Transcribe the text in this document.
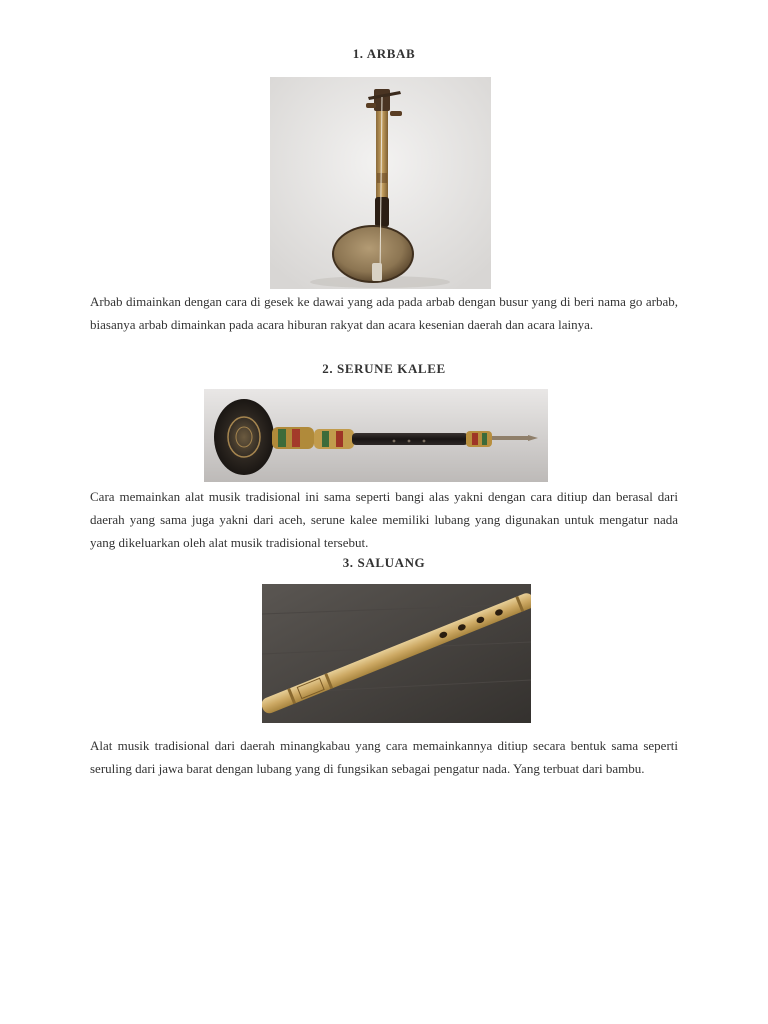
1. ARBAB
Arbab dimainkan dengan cara di gesek ke dawai yang ada pada arbab dengan busur yang di beri nama go arbab, biasanya arbab dimainkan pada acara hiburan rakyat dan acara kesenian daerah dan acara lainya.
2. SERUNE KALEE
Cara memainkan alat musik tradisional ini sama seperti bangi alas yakni dengan cara ditiup dan berasal dari daerah yang sama juga yakni dari aceh, serune kalee memiliki lubang yang digunakan untuk mengatur nada yang dikeluarkan oleh alat musik tradisional tersebut.
3. SALUANG
Alat musik tradisional dari daerah minangkabau yang cara memainkannya ditiup secara bentuk sama seperti seruling dari jawa barat dengan lubang yang di fungsikan sebagai pengatur nada. Yang terbuat dari bambu.
